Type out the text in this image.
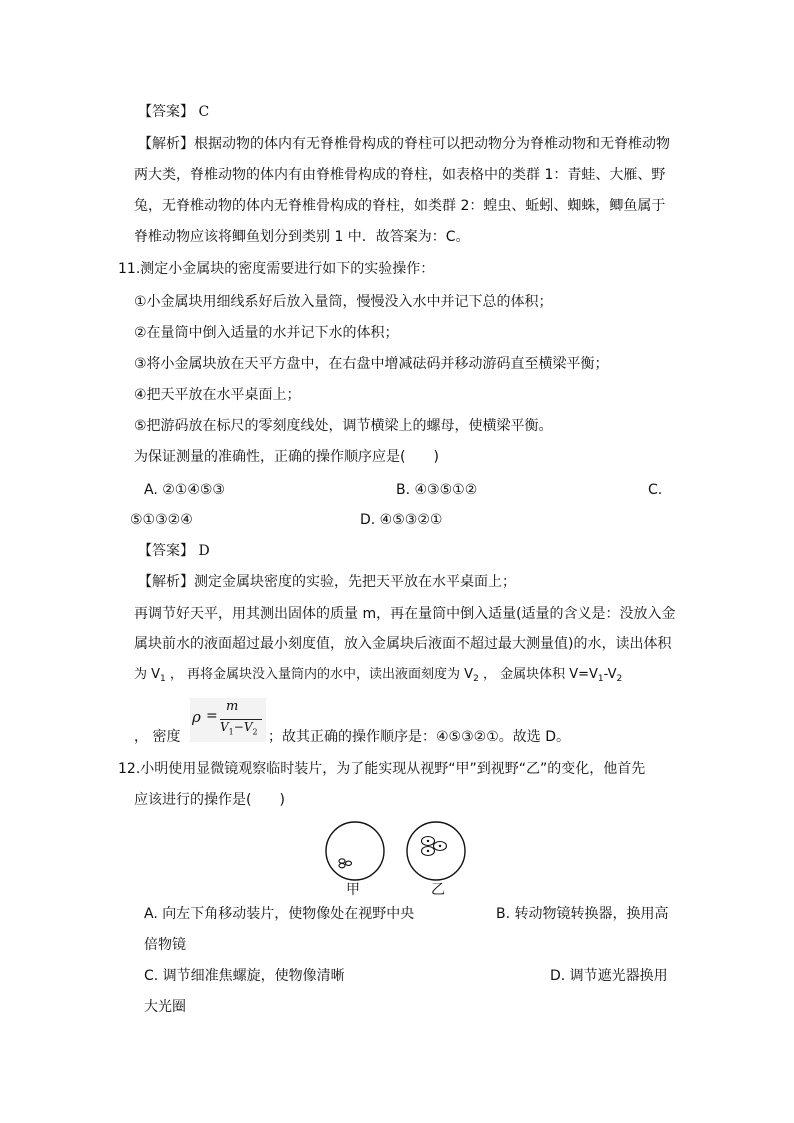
【答案】 C
【解析】根据动物的体内有无脊椎骨构成的脊柱可以把动物分为脊椎动物和无脊椎动物
两大类，脊椎动物的体内有由脊椎骨构成的脊柱，如表格中的类群 1：青蛙、大雁、野
兔，无脊椎动物的体内无脊椎骨构成的脊柱，如类群 2：蝗虫、蚯蚓、蜘蛛，鲫鱼属于
脊椎动物应该将鲫鱼划分到类别 1 中．故答案为：C。
11.测定小金属块的密度需要进行如下的实验操作：
①小金属块用细线系好后放入量筒，慢慢没入水中并记下总的体积；
②在量筒中倒入适量的水并记下水的体积；
③将小金属块放在天平方盘中，在右盘中增减砝码并移动游码直至横梁平衡；
④把天平放在水平桌面上；
⑤把游码放在标尺的零刻度线处，调节横梁上的螺母，使横梁平衡。
为保证测量的准确性，正确的操作顺序应是(　　)
A. ②①④⑤③	B. ④③⑤①②	C.
⑤①③②④	D. ④⑤③②①
【答案】 D
【解析】测定金属块密度的实验，先把天平放在水平桌面上；
再调节好天平，用其测出固体的质量 m，再在量筒中倒入适量(适量的含义是：没放入金
属块前水的液面超过最小刻度值，放入金属块后液面不超过最大测量值)的水，读出体积
为 $V_1$ ， 再将金属块没入量筒内的水中，读出液面刻度为 $V_2$ ， 金属块体积 $V=V_1-V_2$
， 密度
ρ =
m
$V_1-V_2$ ；故其正确的操作顺序是：④⑤③②①。故选 D。
12.小明使用显微镜观察临时装片，为了能实现从视野“甲”到视野“乙”的变化，他首先
应该进行的操作是(　　)
甲	乙
A. 向左下角移动装片，使物像处在视野中央	B. 转动物镜转换器，换用高
倍物镜
C. 调节细准焦螺旋，使物像清晰	D. 调节遮光器换用
大光圈
